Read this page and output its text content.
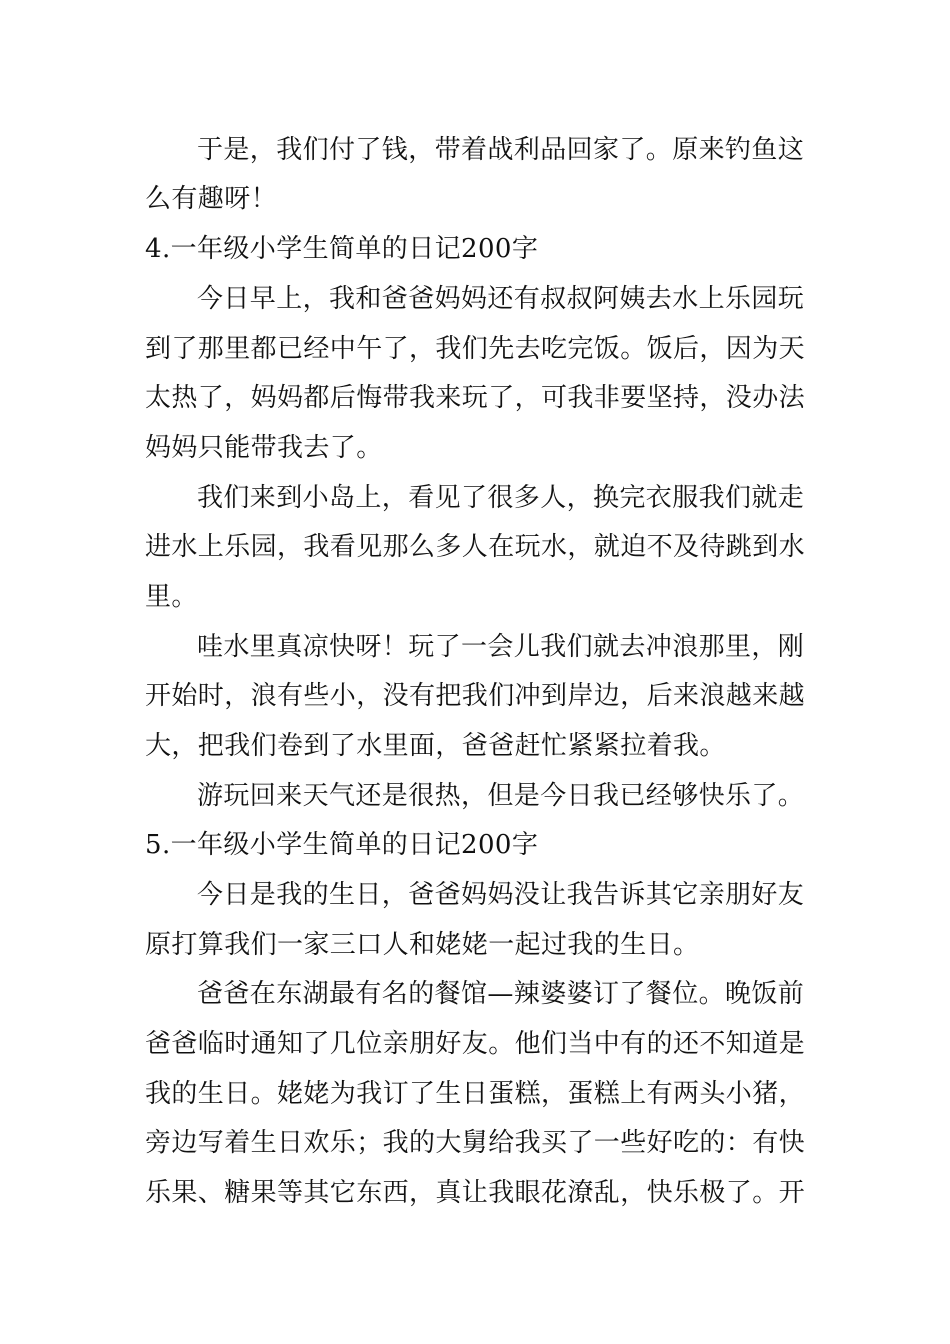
于是，我们付了钱，带着战利品回家了。原来钓鱼这
么有趣呀！
4.一年级小学生简单的日记200字
今日早上，我和爸爸妈妈还有叔叔阿姨去水上乐园玩
到了那里都已经中午了，我们先去吃完饭。饭后，因为天
太热了，妈妈都后悔带我来玩了，可我非要坚持，没办法
妈妈只能带我去了。
我们来到小岛上，看见了很多人，换完衣服我们就走
进水上乐园，我看见那么多人在玩水，就迫不及待跳到水
里。
哇水里真凉快呀！玩了一会儿我们就去冲浪那里，刚
开始时，浪有些小，没有把我们冲到岸边，后来浪越来越
大，把我们卷到了水里面，爸爸赶忙紧紧拉着我。
游玩回来天气还是很热，但是今日我已经够快乐了。
5.一年级小学生简单的日记200字
今日是我的生日，爸爸妈妈没让我告诉其它亲朋好友
原打算我们一家三口人和姥姥一起过我的生日。
爸爸在东湖最有名的餐馆—辣婆婆订了餐位。晚饭前
爸爸临时通知了几位亲朋好友。他们当中有的还不知道是
我的生日。姥姥为我订了生日蛋糕，蛋糕上有两头小猪，
旁边写着生日欢乐；我的大舅给我买了一些好吃的：有快
乐果、糖果等其它东西，真让我眼花潦乱，快乐极了。开
